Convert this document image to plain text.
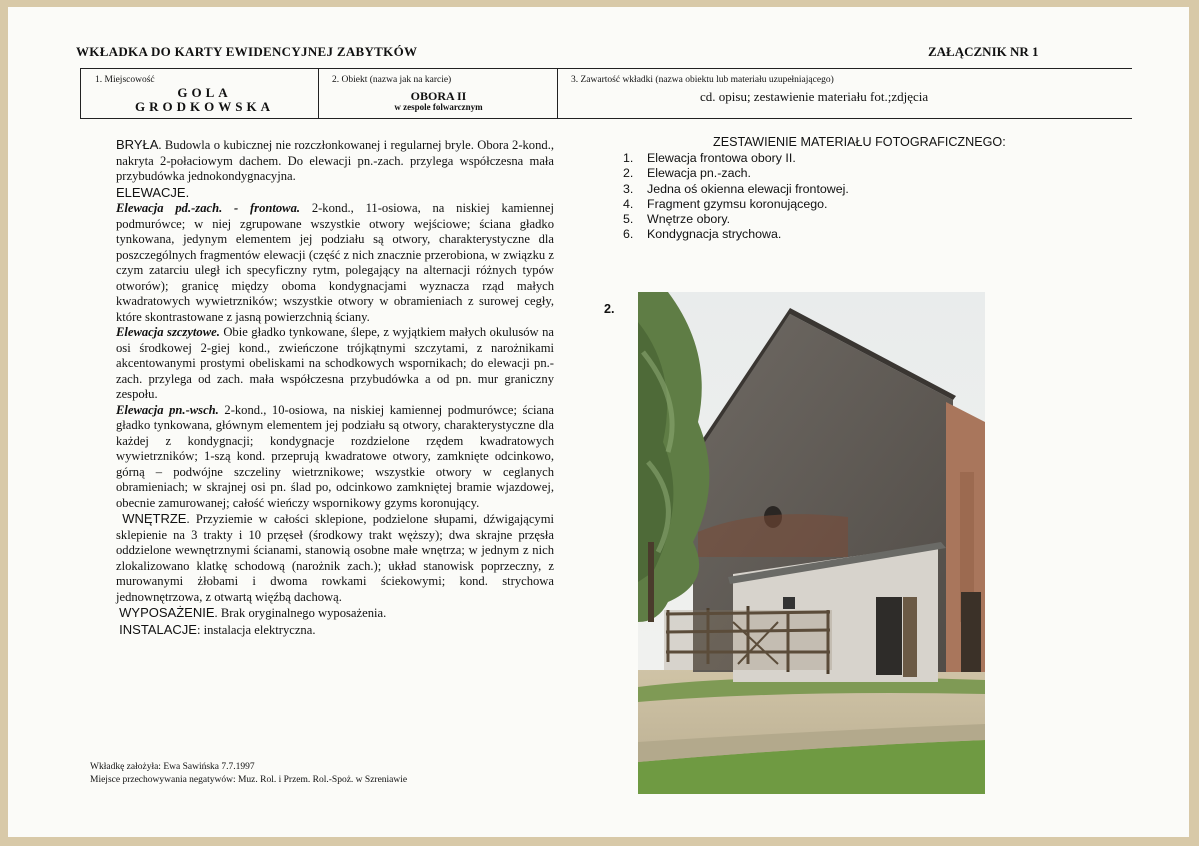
WKŁADKA DO KARTY EWIDENCYJNEJ ZABYTKÓW	ZAŁĄCZNIK NR 1
1. Miejscowość
GOLA
GRODKOWSKA
2. Obiekt (nazwa jak na karcie)
OBORA II
w zespole folwarcznym
3. Zawartość wkładki (nazwa obiektu lub materiału uzupełniającego)
cd. opisu; zestawienie materiału fot.;zdjęcia

BRYŁA. Budowla o kubicznej nie rozczłonkowanej i regularnej bryle. Obora 2-kond., nakryta 2-połaciowym dachem. Do elewacji pn.-zach. przylega współczesna mała przybudówka jednokondygnacyjna.

ELEWACJE.

Elewacja pd.-zach. - frontowa. 2-kond., 11-osiowa, na niskiej kamiennej podmurówce; w niej zgrupowane wszystkie otwory wejściowe; ściana gładko tynkowana, jedynym elementem jej podziału są otwory, charakterystyczne dla poszczególnych fragmentów elewacji (część z nich znacznie przerobiona, w związku z czym zatarciu uległ ich specyficzny rytm, polegający na alternacji różnych typów otworów); granicę między oboma kondygnacjami wyznacza rząd małych kwadratowych wywietrzników; wszystkie otwory w obramieniach z surowej cegły, które skontrastowane z jasną powierzchnią ściany.

Elewacja szczytowe. Obie gładko tynkowane, ślepe, z wyjątkiem małych okulusów na osi środkowej 2-giej kond., zwieńczone trójkątnymi szczytami, z narożnikami akcentowanymi prostymi obeliskami na schodkowych wspornikach; do elewacji pn.-zach. przylega od zach. mała współczesna przybudówka a od pn. mur graniczny zespołu.

Elewacja pn.-wsch. 2-kond., 10-osiowa, na niskiej kamiennej podmurówce; ściana gładko tynkowana, głównym elementem jej podziału są otwory, charakterystyczne dla każdej z kondygnacji; kondygnacje rozdzielone rzędem kwadratowych wywietrzników; 1-szą kond. przeprują kwadratowe otwory, zamknięte odcinkowo, górną – podwójne szczeliny wietrznikowe; wszystkie otwory w ceglanych obramieniach; w skrajnej osi pn. ślad po, odcinkowo zamkniętej bramie wjazdowej, obecnie zamurowanej; całość wieńczy wspornikowy gzyms koronujący.

WNĘTRZE. Przyziemie w całości sklepione, podzielone słupami, dźwigającymi sklepienie na 3 trakty i 10 przęseł (środkowy trakt węższy); dwa skrajne przęsła oddzielone wewnętrznymi ścianami, stanowią osobne małe wnętrza; w jednym z nich zlokalizowano klatkę schodową (narożnik zach.); układ stanowisk poprzeczny, z murowanymi żłobami i dwoma rowkami ściekowymi; kond. strychowa jednownętrzowa, z otwartą więźbą dachową.

WYPOSAŻENIE. Brak oryginalnego wyposażenia.

INSTALACJE: instalacja elektryczna.

Wkładkę założyła: Ewa Sawińska 7.7.1997
Miejsce przechowywania negatywów: Muz. Rol. i Przem. Rol.-Spoż. w Szreniawie
ZESTAWIENIE MATERIAŁU FOTOGRAFICZNEGO:
1. Elewacja frontowa obory II.
2. Elewacja pn.-zach.
3. Jedna oś okienna elewacji frontowej.
4. Fragment gzymsu koronującego.
5. Wnętrze obory.
6. Kondygnacja strychowa.
2.
